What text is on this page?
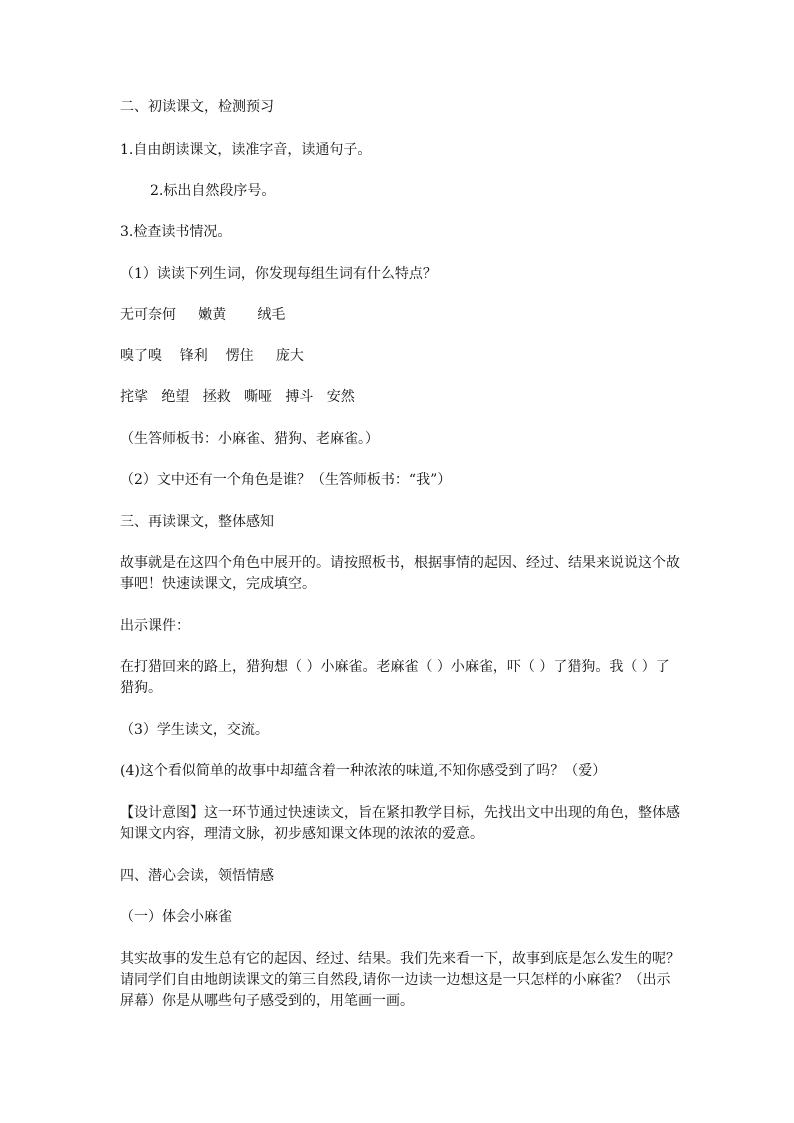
二、初读课文，检测预习

1.自由朗读课文，读准字音，读通句子。

2.标出自然段序号。

3.检查读书情况。

（1）读读下列生词，你发现每组生词有什么特点？

无可奈何     嫩黄       绒毛

嗅了嗅    锋利    愣住     庞大

挓挲   绝望   拯救   嘶哑   搏斗   安然

（生答师板书：小麻雀、猎狗、老麻雀。）

（2）文中还有一个角色是谁？（生答师板书：“我”）

三、再读课文，整体感知

故事就是在这四个角色中展开的。请按照板书，根据事情的起因、经过、结果来说说这个故事吧！快速读课文，完成填空。

出示课件：

在打猎回来的路上，猎狗想（ ）小麻雀。老麻雀（ ）小麻雀，吓（ ）了猎狗。我（ ）了猎狗。

（3）学生读文，交流。

(4)这个看似简单的故事中却蕴含着一种浓浓的味道,不知你感受到了吗？（爱）

【设计意图】这一环节通过快速读文，旨在紧扣教学目标，先找出文中出现的角色，整体感知课文内容，理清文脉，初步感知课文体现的浓浓的爱意。

四、潜心会读，领悟情感

（一）体会小麻雀

其实故事的发生总有它的起因、经过、结果。我们先来看一下，故事到底是怎么发生的呢？请同学们自由地朗读课文的第三自然段,请你一边读一边想这是一只怎样的小麻雀？（出示屏幕）你是从哪些句子感受到的，用笔画一画。
